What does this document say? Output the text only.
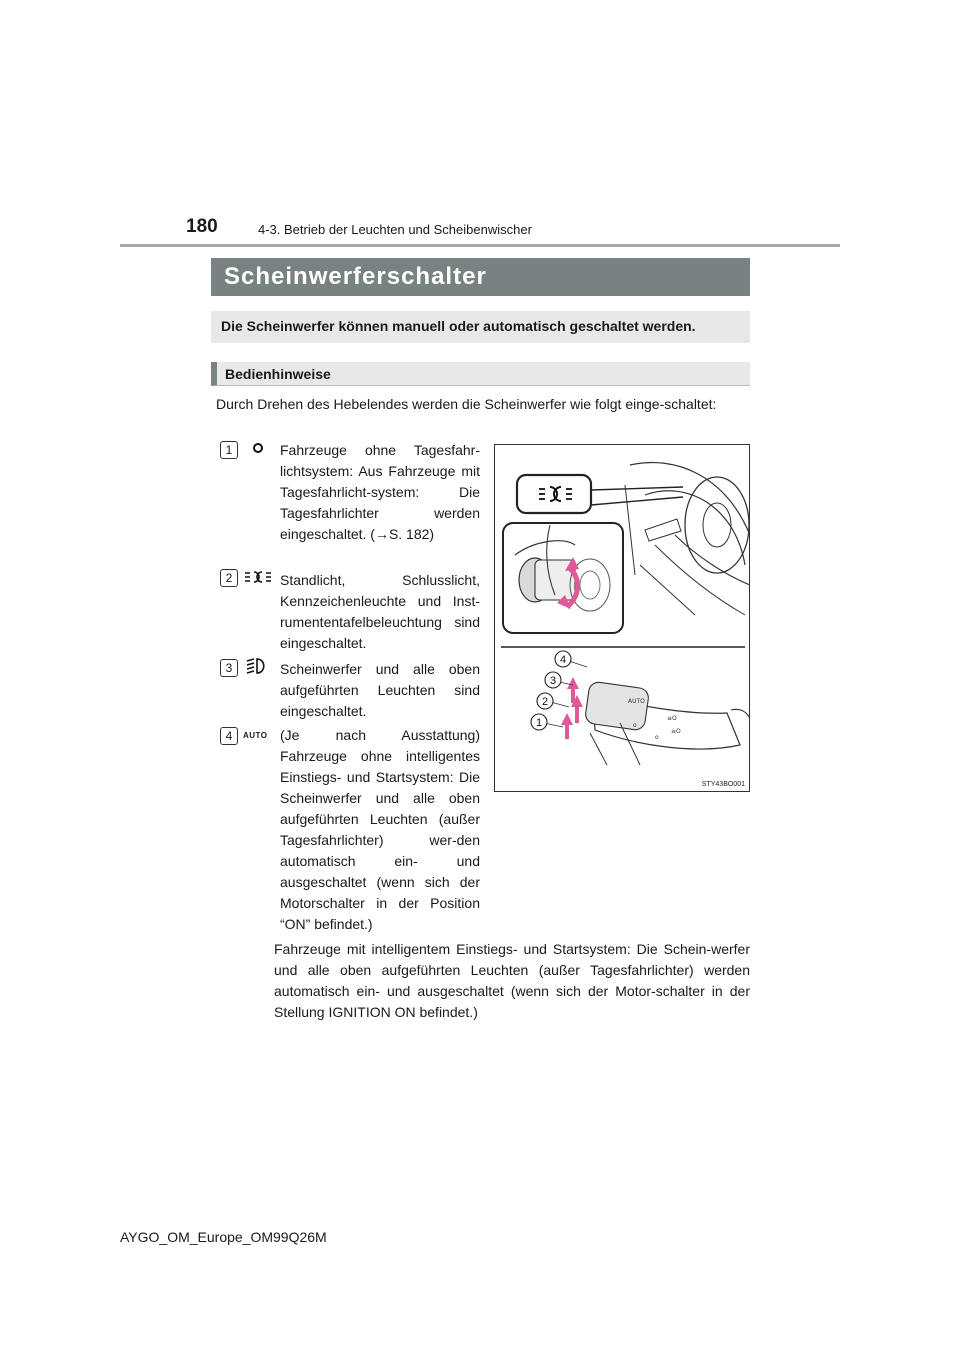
180	4-3. Betrieb der Leuchten und Scheibenwischer
Scheinwerferschalter
Die Scheinwerfer können manuell oder automatisch geschaltet werden.
Bedienhinweise

Durch Drehen des Hebelendes werden die Scheinwerfer wie folgt einge-schaltet:

1	Fahrzeuge ohne Tagesfahr-lichtsystem: Aus Fahrzeuge mit Tagesfahrlicht-system: Die Tagesfahrlichter werden eingeschaltet. (→S. 182)

2	Standlicht, Schlusslicht, Kennzeichenleuchte und Inst-rumententafelbeleuchtung sind eingeschaltet.

3	Scheinwerfer und alle oben aufgeführten Leuchten sind eingeschaltet.

4	AUTO (Je nach Ausstattung) Fahrzeuge ohne intelligentes Einstiegs- und Startsystem: Die Scheinwerfer und alle oben aufgeführten Leuchten (außer Tagesfahrlichter) wer-den automatisch ein- und ausgeschaltet (wenn sich der Motorschalter in der Position “ON” befindet.)

AUTO
o
≡O
≡O
o
4
3
2
1
STY43BO001

Fahrzeuge mit intelligentem Einstiegs- und Startsystem: Die Schein-werfer und alle oben aufgeführten Leuchten (außer Tagesfahrlichter) werden automatisch ein- und ausgeschaltet (wenn sich der Motor-schalter in der Stellung IGNITION ON befindet.)

AYGO_OM_Europe_OM99Q26M
